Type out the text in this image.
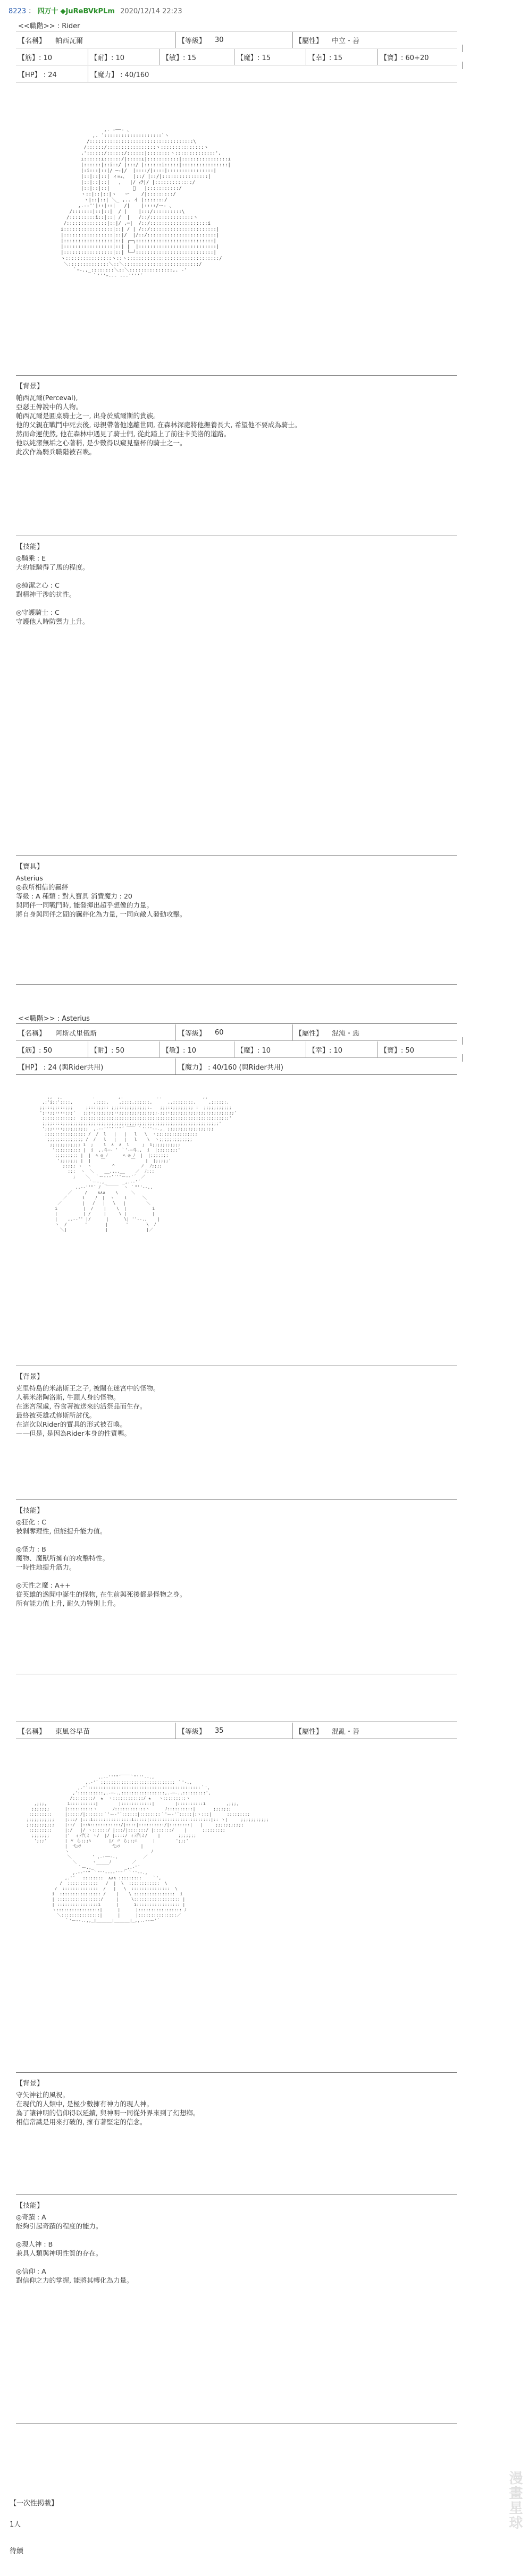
8223 ： 四万十 ◆JuReBVkPLm 2020/12/14 22:23
<<職階>> : Rider
【名稱】	帕西瓦爾	【等級】	30	【屬性】	中立・善
【筋】: 10	【耐】: 10	【敏】: 15	【魔】: 15	【幸】: 15	【寶】: 60+20
【HP】 : 24	【魔力】 : 40/160
,. -──- 、
,. ´::::::::::::::::::::`ヽ
/::::::::::::::::::::::::::::::::::::\
/::::::/:::::::::::::::::ヽ:::::::::::::::ヽ
,'::::::/::::::/::::::|::::::::ヽ::::::::::::::',
i::::::i::::::/|:::::i|:::::::::::|::::::::::::::::i
|::::::|::i::/ |:::/ |::::::i:::::|::::::::::::::::|
|:i:::|::|/ ─-|/  |::::/|::::|::::::::::::::::|
|::|::|::| ィ=ｭ、  |::/ |::/|::::::::::::::::|
|::|::|::|   ,   |/ ｨﾃ|/ |:::::::::::::/
|::|::|::|        ﾞ   |:::::::::::/
ヽ::|::|::|ヽ   ー    /|:::::::::/
ヽ|::|::| ＼_ ,.. イ |:::::::/
,.-‐''|::|::|   /|    |::::/ー- 、
/:::::::|::|::|  / |    |:::/::::::::::\
/:::::::::i::|::| /  |   /::/:::::::::::::::ヽ
/::::::::::::::|::|/ ,─|  /::/::::::::::::::::::::i
i:::::::::::::::::|::| / | /::/:::::::::::::::::::::::|
|:::::::::::::::::|::|/  |/::/::::::::::::::::::::::::|
|:::::::::::::::::|::| ┌─┐:::::::::::::::::::::::::::|
|:::::::::::::::::|::| |  |:::::::::::::::::::::::::::|
|:::::::::::::::::|::| └─┘:::::::::::::::::::::::::::|
ヽ::::::::::::::::ヽ::ヽ::::::::::::::::::::::::::::::::/
＼::::::::::::::＼::＼::::::::::::::::::::::::::/
｀ｰ-.,_::::::::＼::＼:::::::::::::::,. -'
｀'''ｰ--- ---''''´
【背景】

帕西瓦爾(Perceval),

亞瑟王傳說中的人物。

帕西瓦爾是圓桌騎士之一, 出身於威爾斯的貴族。

他的父親在戰鬥中死去後, 母親帶著他遠離世間, 在森林深處將他撫養長大, 希望他不要成為騎士。

然而命運使然, 他在森林中遇見了騎士們, 從此踏上了前往卡美洛的道路。

他以純潔無垢之心著稱, 是少數得以窺見聖杯的騎士之一。

此次作為騎兵職階被召喚。

【技能】

◎騎乘 : E

大約能騎得了馬的程度。

◎純潔之心 : C

對精神干涉的抗性。

◎守護騎士 : C

守護他人時防禦力上升。

【寶具】

Asterius

◎我所相信的羈絆

等級 : A 種類 : 對人寶具 消費魔力 : 20

與同伴一同戰鬥時, 能發揮出超乎想像的力量。

將自身與同伴之間的羈絆化為力量, 一同向敵人發動攻擊。

<<職階>> : Asterius
【名稱】	阿斯忒里俄斯	【等級】	60	【屬性】	混沌・惡
【筋】: 50	【耐】: 50	【敏】: 10	【魔】: 10	【幸】: 10	【寶】: 50
【HP】 : 24 (與Rider共用)	【魔力】 : 40/160 (與Rider共用)
,,  ,、           .         ,.             ..                ,,
,;'i;:'::;:,        ,;;;;,    ,;;;:.;;;;;:,      ..;;;;;;;;.     ,;;;;;:.
;;:::;;:::;;;     ;:::;;;:: ;;;::;;;;;;;;;:.   ;;;::;;;;;;;; :  ;;;;;;;;;;;
';::;;::::;;;'   ;;;:;;;;;;;;::;;;;;;;;;;;;;;;.;;;:;;;;;;;;;;;;;;;;;;;;;;;;;'
;;::;:::::;;;  ;;;;;;;;;;;;;;;;;;;;;;;;;;;;;;;;;;;;;;;;;;;;;;;;;;;;;;;;;;'
;;;;::::;;;;;;;;;;;;;;;;;;;;;;;;;;;;;;;;;;;;;;;;;;;;;;;;;;;;;;;;;;;;;'
';;;::::;;;;;;;;;;  ,.-‐''''''"´ ￣￣ ｀''''‐-.,_ ;;;;;;;;;;;;;;;;;;
;;;;::::;;;;;;;; /  /  l   |   |   l   \  ヽ;;;;;;;;;;;;;;;;
;;;;;::;;;;;;; /  /   l   |   |   l    \  ヽ;;;;;;;;;;;;;
;;;;;;;;;;;; i  ;    l  ∧  ∧  l     ;  i;;;;;;;;;;;
';;;;;;;;;; |  i  ,.斗─- ' ｀'-─斗.,  i  |;;;;;;;;'
;;;;;;;;; |  |  ﾍ ◎ ﾉ      ﾍ ◎ ﾉ  |  |;;;;;;;
';;;;;;; |  |    ￣          ￣    |  |;;;;;'
;;;;; ヽ  ヽ        ^          ノ  ﾉ;;;;
;;;  ヽ  ＼    __,,..__    ／  ﾉ;;;
;    ＼  ｀ー--‐''''ー-‐'´  ／
｀ー-.,_      _,.-‐'´
,.-‐''"´ ﾉ  ￣￣￣  ヽ ｀"''‐-.,
／     /    ∧∧∧    \     ＼
／      i    ﾉ  |  ヽ    i      ＼
／        |   /   |   \   |        ＼
i          |  /    |    \  |          i
|          | /     |     \ |          |
|    ,.-‐'' |/      |      \| ''‐-.,    |
ヽ  /       '       |       '       \  ﾉ
＼|               |               |／
【背景】

克里特島的米諾斯王之子, 被關在迷宮中的怪物。

人稱米諾陶洛斯, 牛頭人身的怪物。

在迷宮深處, 吞食著被送來的活祭品而生存。

最終被英雄忒修斯所討伐。

在這次以Rider的寶具的形式被召喚。

——但是, 是因為Rider本身的性質嗎。

【技能】

◎狂化 : C

被剝奪理性, 但能提升能力值。

◎怪力 : B

魔物、魔獸所擁有的攻擊特性。

一時性地提升筋力。

◎天性之魔 : A++

從英雄的逸聞中誕生的怪物, 在生前與死後都是怪物之身。

所有能力值上升, 耐久力特別上升。

【名稱】	東風谷早苗	【等級】	35	【屬性】	混亂・善
,.-‐'''"´￣￣｀"'''‐-.,
,.-'´ ::::::::::::::::::::::::::::: ｀'-.,
,.'´::::::::::::::::::::::::::::::::::::::::::::｀',
,'::::::::::,.-─-.,:::::::::::::::::,.-─-.,:::::::::',
/::::::::/  ★  ヽ::::::::::::/ ★   ヽ:::::::::ヽ
,;;;,        i::::::::::|        |::::::::::::|        |::::::::::i        ,;;;,
;;;;;;;      |::::::::::ヽ      ﾉ::::::::::::ヽ      ﾉ::::::::::|       ;;;;;;;
;;;;;;;;;     |:::::/|:::::::｀'ー‐'´::::::|::::::::｀'ー‐'´:::::|:ヽ:::|      ;;;;;;;;;
;;;;;;;;;;;    |:::/ |:::i:::::::::::::::i:::::|::::::::::::::::::::::::|:: ヽ|     ;;;;;;;;;;;
;;;;;;;;;;;    |::/  |::ﾊ::::::::::::/|::::|::::::::::/|::::::::|   |     ;;;;;;;;;;;
;;;;;;;;;     |:/   |/ ヽ::::::/ |:::/|:::::::/ |:::::::/    |      ;;;;;;;;;
;;;;;;;      |'  ィﾃ汽ミ ヽ/  |/ |::::/ ィﾃ汽ミ/    |       ;;;;;;;
';;;'       | 〃 ら;;;ﾊ       |/ 〃 ら;;;ﾊ      |        ';;;'
|  弋ﾆﾂ            弋ﾆﾂ        |
ヽ                                ﾉ
＼        ' ,.-──-.,          ／
＼      ヽ_____ﾉ        ／
｀ー.,_            _,.-'´
,.-‐''" ｀"''‐--‐''"´ ｀''‐-.,
,.'´   ::::::::  ∧∧∧ :::::::::    ｀',
/  ::::::::::::   /  |  \  ::::::::::::  \
/  ::::::::::::::  /   |   \  :::::::::::::::  \
i  :::::::::::::::: /    |    \ ::::::::::::::::  i
| :::::::::::::::::/     |     \:::::::::::::::::: |
| ::::::::::::::::i      |      i::::::::::::::::: |
ヽ:::::::::::::::::|      |      |::::::::::::::::: ﾉ
＼:::::::::::::::|      |      |:::::::::::::::／
｀'ー--..,,_|______|______|_,,..--ー'´
【背景】

守矢神社的風祝。

在現代的人類中, 是極少數擁有神力的現人神。

為了讓神明的信仰得以延續, 與神明一同從外界來到了幻想鄉。

相信常識是用來打破的, 擁有著堅定的信念。

【技能】

◎奇蹟 : A

能夠引起奇蹟的程度的能力。

◎現人神 : B

兼具人類與神明性質的存在。

◎信仰 : A

對信仰之力的掌握, 能將其轉化為力量。

【一次性揭載】
1人
待續
漫畫星球
